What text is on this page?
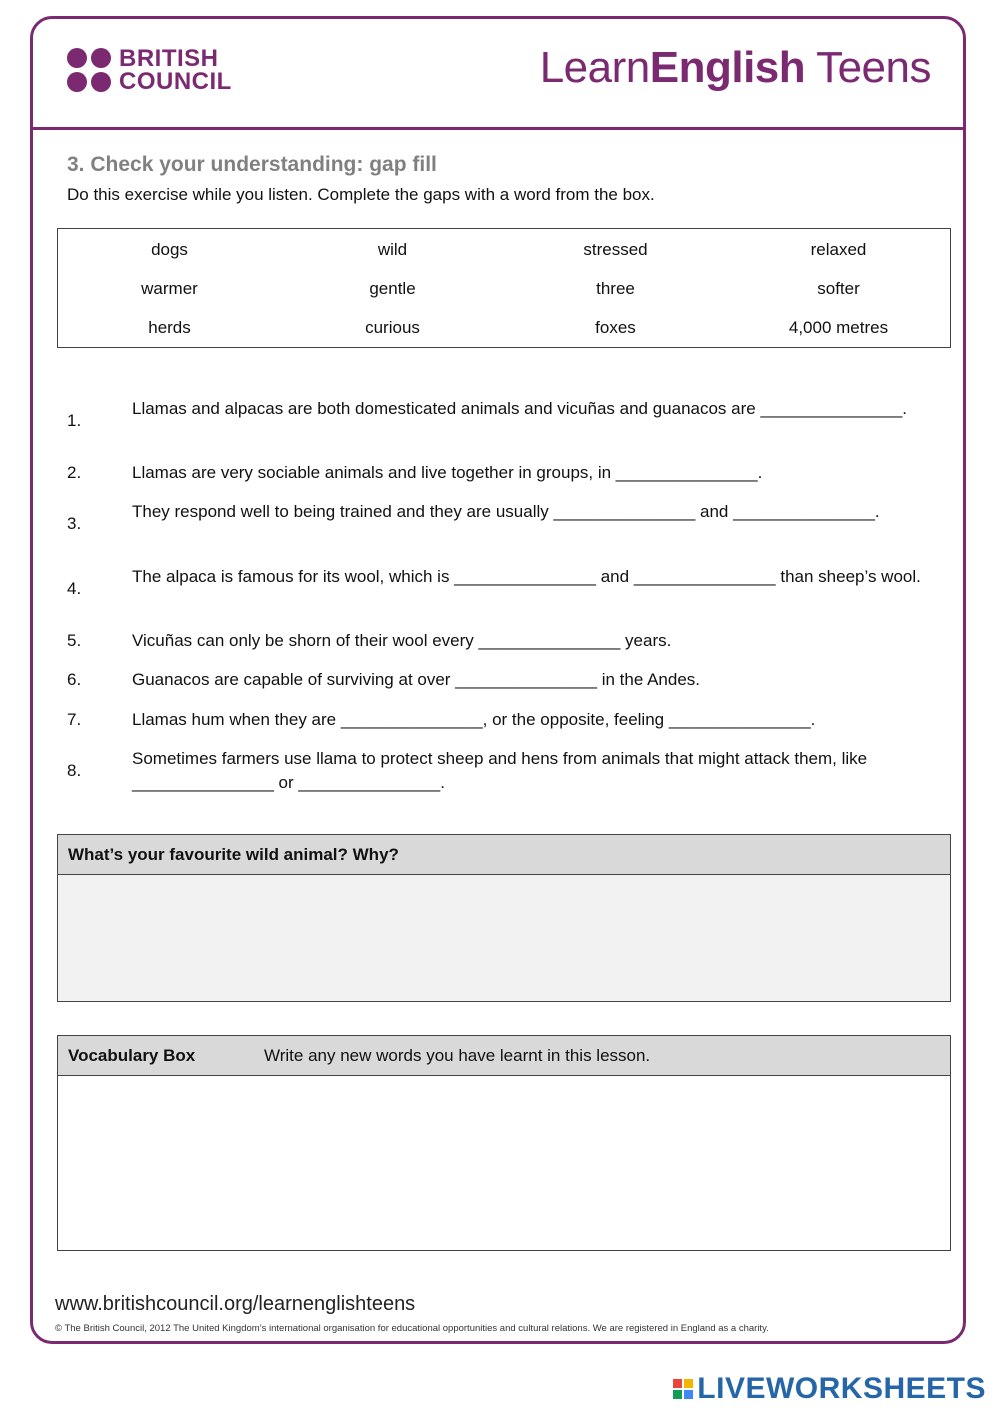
BRITISH
COUNCIL	LearnEnglish Teens
3. Check your understanding: gap fill

Do this exercise while you listen. Complete the gaps with a word from the box.

dogs	wild	stressed	relaxed
warmer	gentle	three	softer
herds	curious	foxes	4,000 metres
1.
Llamas and alpacas are both domesticated animals and vicuñas and guanacos are _______________.
2.	Llamas are very sociable animals and live together in groups, in _______________.
3.
They respond well to being trained and they are usually _______________ and _______________.
4.
The alpaca is famous for its wool, which is _______________ and _______________ than sheep’s wool.
5.	Vicuñas can only be shorn of their wool every _______________ years.
6.	Guanacos are capable of surviving at over _______________ in the Andes.
7.	Llamas hum when they are _______________, or the opposite, feeling _______________.
8.
Sometimes farmers use llama to protect sheep and hens from animals that might attack them, like _______________ or _______________.
What’s your favourite wild animal? Why?
Vocabulary Box	Write any new words you have learnt in this lesson.
www.britishcouncil.org/learnenglishteens
© The British Council, 2012 The United Kingdom’s international organisation for educational opportunities and cultural relations. We are registered in England as a charity.
LIVEWORKSHEETS
